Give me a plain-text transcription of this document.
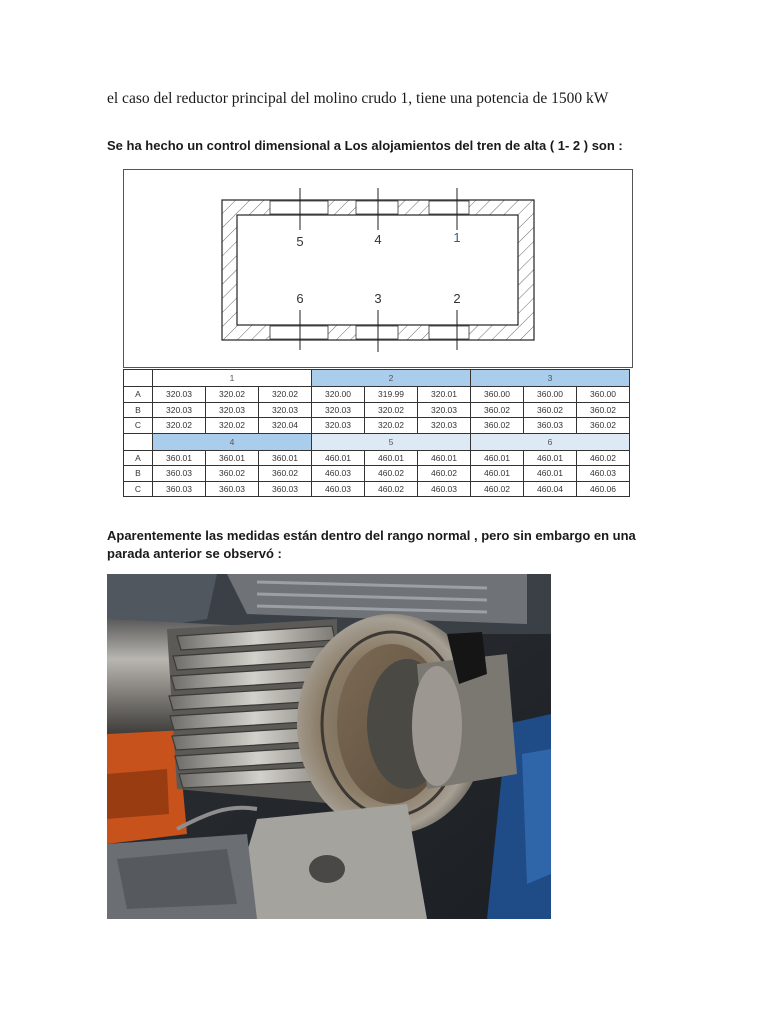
el caso del reductor principal del molino crudo 1, tiene una potencia de 1500 kW
Se ha hecho un control dimensional a Los alojamientos del tren de alta ( 1- 2 ) son :
5	4	1
6	3	2
	1			2			3		
A	320.03	320.02	320.02	320.00	319.99	320.01	360.00	360.00	360.00
B	320.03	320.03	320.03	320.03	320.02	320.03	360.02	360.02	360.02
C	320.02	320.02	320.04	320.03	320.02	320.03	360.02	360.03	360.02
	4			5			6		
A	360.01	360.01	360.01	460.01	460.01	460.01	460.01	460.01	460.02
B	360.03	360.02	360.02	460.03	460.02	460.02	460.01	460.01	460.03
C	360.03	360.03	360.03	460.03	460.02	460.03	460.02	460.04	460.06
Aparentemente las medidas están dentro del rango normal , pero sin embargo en una parada anterior se observó :
